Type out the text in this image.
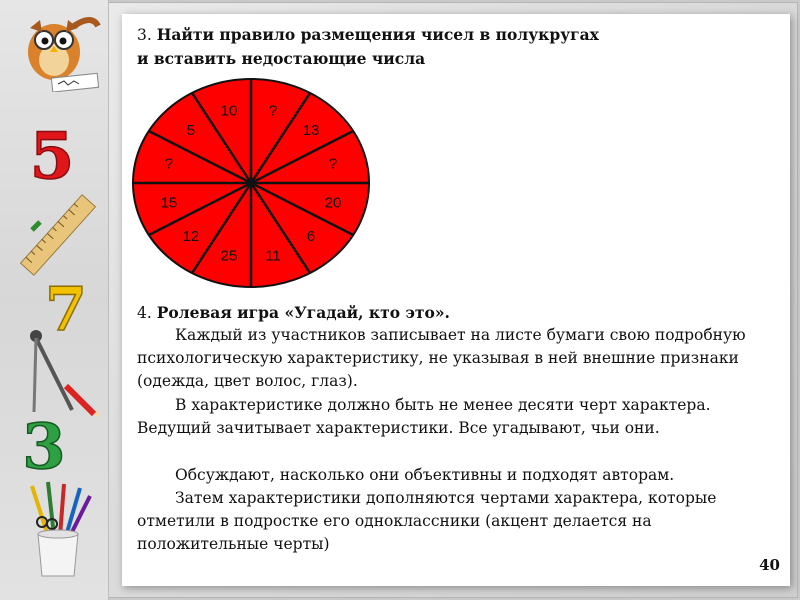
5
7
3
3. Найти правило размещения чисел в полукругах
и вставить недостающие числа
10 ?
13
?
20
6
11
25
12
15
?
5
4. Ролевая игра «Угадай, кто это».
Каждый из участников записывает на листе бумаги свою подробную психологическую характеристику, не указывая в ней внешние признаки (одежда, цвет волос, глаз).
В характеристике должно быть не менее десяти черт характера. Ведущий зачитывает характеристики. Все угадывают, чьи они.
Обсуждают, насколько они объективны и подходят авторам.
Затем характеристики дополняются чертами характера, которые отметили в подростке его одноклассники (акцент делается на положительные черты)
40
